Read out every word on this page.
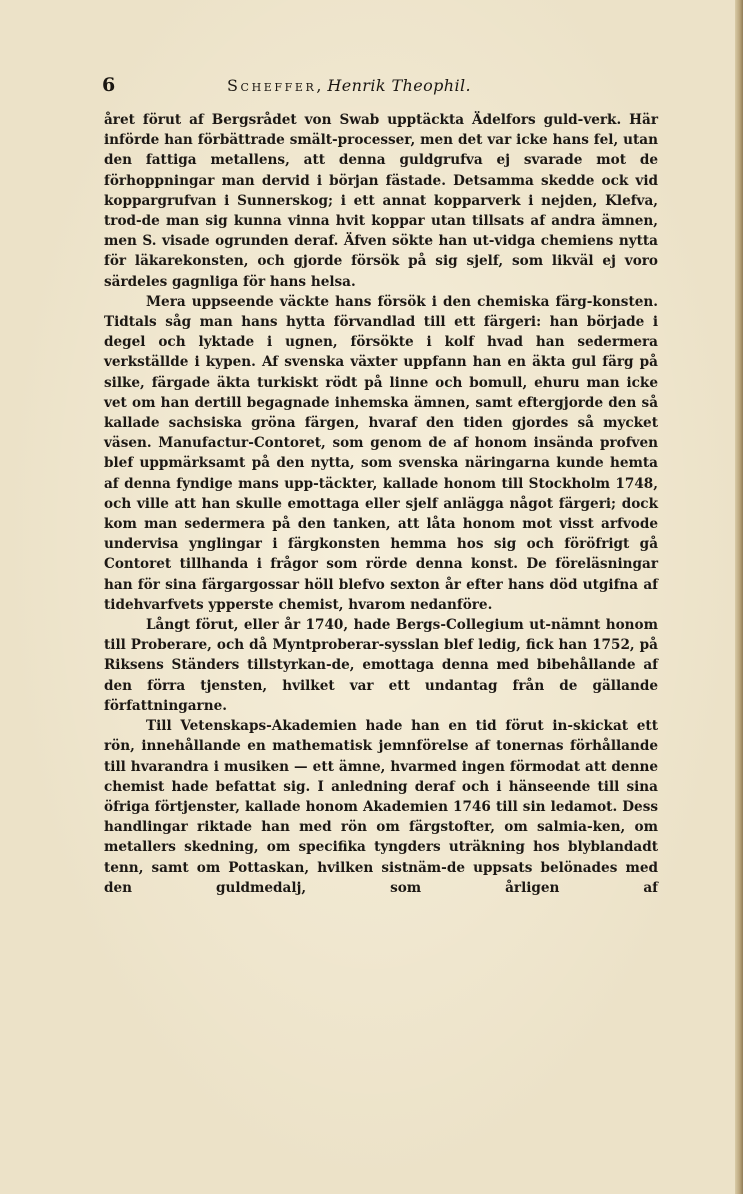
6	Scheffer, Henrik Theophil.

året förut af Bergsrådet von Swab upptäckta Ädelfors guld-verk. Här införde han förbättrade smält-processer, men det var icke hans fel, utan den fattiga metallens, att denna guldgrufva ej svarade mot de förhoppningar man dervid i början fästade. Detsamma skedde ock vid koppargrufvan i Sunnerskog; i ett annat kopparverk i nejden, Klefva, trod-de man sig kunna vinna hvit koppar utan tillsats af andra ämnen, men S. visade ogrunden deraf. Äfven sökte han ut-vidga chemiens nytta för läkarekonsten, och gjorde försök på sig sjelf, som likväl ej voro särdeles gagnliga för hans helsa.

Mera uppseende väckte hans försök i den chemiska färg-konsten. Tidtals såg man hans hytta förvandlad till ett färgeri: han började i degel och lyktade i ugnen, försökte i kolf hvad han sedermera verkställde i kypen. Af svenska växter uppfann han en äkta gul färg på silke, färgade äkta turkiskt rödt på linne och bomull, ehuru man icke vet om han dertill begagnade inhemska ämnen, samt eftergjorde den så kallade sachsiska gröna färgen, hvaraf den tiden gjordes så mycket väsen. Manufactur-Contoret, som genom de af honom insända profven blef uppmärksamt på den nytta, som svenska näringarna kunde hemta af denna fyndige mans upp-täckter, kallade honom till Stockholm 1748, och ville att han skulle emottaga eller sjelf anlägga något färgeri; dock kom man sedermera på den tanken, att låta honom mot visst arfvode undervisa ynglingar i färgkonsten hemma hos sig och föröfrigt gå Contoret tillhanda i frågor som rörde denna konst. De föreläsningar han för sina färgargossar höll blefvo sexton år efter hans död utgifna af tidehvarfvets ypperste chemist, hvarom nedanföre.

Långt förut, eller år 1740, hade Bergs-Collegium ut-nämnt honom till Proberare, och då Myntproberar-sysslan blef ledig, fick han 1752, på Riksens Ständers tillstyrkan-de, emottaga denna med bibehållande af den förra tjensten, hvilket var ett undantag från de gällande författningarne.

Till Vetenskaps-Akademien hade han en tid förut in-skickat ett rön, innehållande en mathematisk jemnförelse af tonernas förhållande till hvarandra i musiken — ett ämne, hvarmed ingen förmodat att denne chemist hade befattat sig. I anledning deraf och i hänseende till sina öfriga förtjenster, kallade honom Akademien 1746 till sin ledamot. Dess handlingar riktade han med rön om färgstofter, om salmia-ken, om metallers skedning, om specifika tyngders uträkning hos blyblandadt tenn, samt om Pottaskan, hvilken sistnäm-de uppsats belönades med den guldmedalj, som årligen af
